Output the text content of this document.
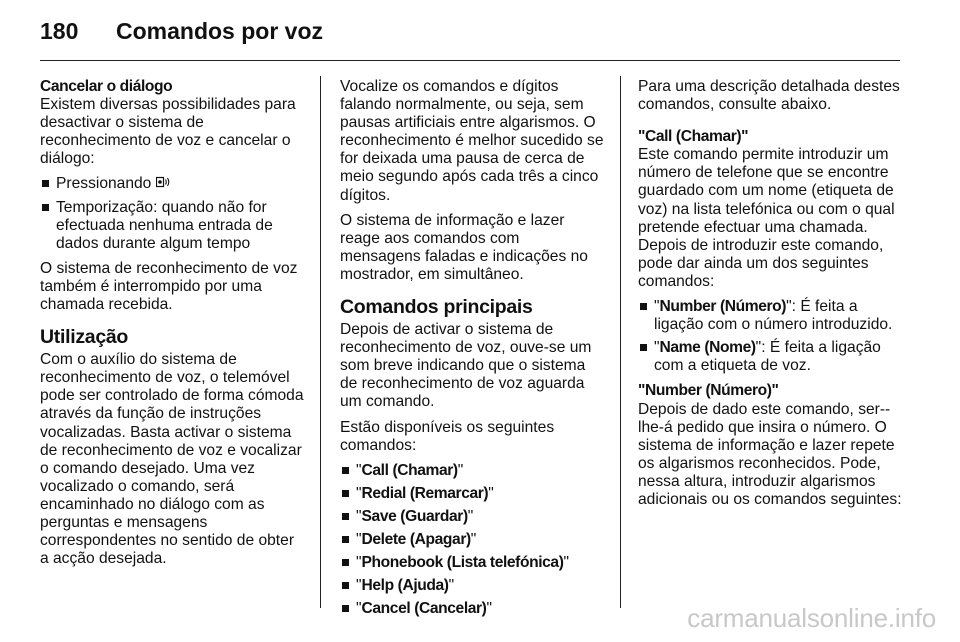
180	Comandos por voz
Cancelar o diálogo

Existem diversas possibilidades para desactivar o sistema de reconhecimento de voz e cancelar o diálogo:

Pressionando
Temporização: quando não for efectuada nenhuma entrada de dados durante algum tempo

O sistema de reconhecimento de voz também é interrompido por uma chamada recebida.

Utilização

Com o auxílio do sistema de reconhecimento de voz, o telemóvel pode ser controlado de forma cómoda através da função de instruções vocalizadas. Basta activar o sistema de reconhecimento de voz e vocalizar o comando desejado. Uma vez vocalizado o comando, será encaminhado no diálogo com as perguntas e mensagens correspondentes no sentido de obter a acção desejada.

Vocalize os comandos e dígitos falando normalmente, ou seja, sem pausas artificiais entre algarismos. O reconhecimento é melhor sucedido se for deixada uma pausa de cerca de meio segundo após cada três a cinco dígitos.

O sistema de informação e lazer reage aos comandos com mensagens faladas e indicações no mostrador, em simultâneo.

Comandos principais

Depois de activar o sistema de reconhecimento de voz, ouve-se um som breve indicando que o sistema de reconhecimento de voz aguarda um comando.

Estão disponíveis os seguintes comandos:

"Call (Chamar)"
"Redial (Remarcar)"
"Save (Guardar)"
"Delete (Apagar)"
"Phonebook (Lista telefónica)"
"Help (Ajuda)"
"Cancel (Cancelar)"

Para uma descrição detalhada destes comandos, consulte abaixo.

"Call (Chamar)"

Este comando permite introduzir um número de telefone que se encontre guardado com um nome (etiqueta de voz) na lista telefónica ou com o qual pretende efectuar uma chamada. Depois de introduzir este comando, pode dar ainda um dos seguintes comandos:

"Number (Número)": É feita a ligação com o número introduzido.
"Name (Nome)": É feita a ligação com a etiqueta de voz.
"Number (Número)"

Depois de dado este comando, ser--lhe-á pedido que insira o número. O sistema de informação e lazer repete os algarismos reconhecidos. Pode, nessa altura, introduzir algarismos adicionais ou os comandos seguintes:

carmanualsonline.info
